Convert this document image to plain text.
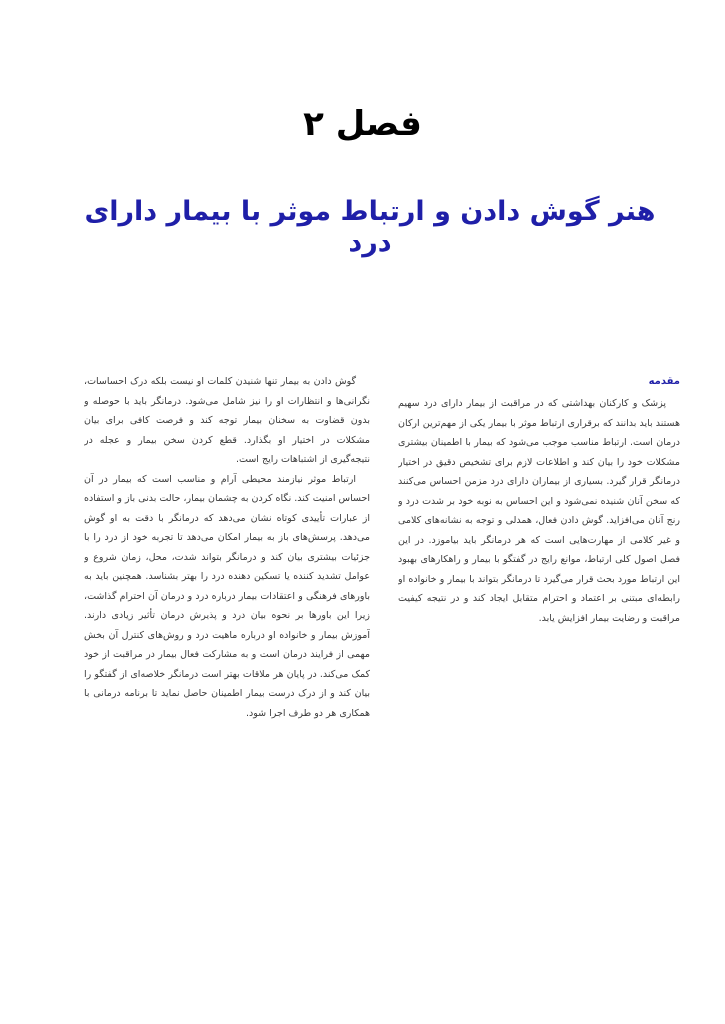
فصل ۲
هنر گوش دادن و ارتباط موثر با بیمار دارای درد
مقدمه

پزشک و کارکنان بهداشتی که در مراقبت از بیمار دارای درد سهیم هستند باید بدانند که برقراری ارتباط موثر با بیمار یکی از مهم‌ترین ارکان درمان است. ارتباط مناسب موجب می‌شود که بیمار با اطمینان بیشتری مشکلات خود را بیان کند و اطلاعات لازم برای تشخیص دقیق در اختیار درمانگر قرار گیرد. بسیاری از بیماران دارای درد مزمن احساس می‌کنند که سخن آنان شنیده نمی‌شود و این احساس به نوبه خود بر شدت درد و رنج آنان می‌افزاید. گوش دادن فعال، همدلی و توجه به نشانه‌های کلامی و غیر کلامی از مهارت‌هایی است که هر درمانگر باید بیاموزد. در این فصل اصول کلی ارتباط، موانع رایج در گفتگو با بیمار و راهکارهای بهبود این ارتباط مورد بحث قرار می‌گیرد تا درمانگر بتواند با بیمار و خانواده او رابطه‌ای مبتنی بر اعتماد و احترام متقابل ایجاد کند و در نتیجه کیفیت مراقبت و رضایت بیمار افزایش یابد.

گوش دادن به بیمار تنها شنیدن کلمات او نیست بلکه درک احساسات، نگرانی‌ها و انتظارات او را نیز شامل می‌شود. درمانگر باید با حوصله و بدون قضاوت به سخنان بیمار توجه کند و فرصت کافی برای بیان مشکلات در اختیار او بگذارد. قطع کردن سخن بیمار و عجله در نتیجه‌گیری از اشتباهات رایج است.

ارتباط موثر نیازمند محیطی آرام و مناسب است که بیمار در آن احساس امنیت کند. نگاه کردن به چشمان بیمار، حالت بدنی باز و استفاده از عبارات تأییدی کوتاه نشان می‌دهد که درمانگر با دقت به او گوش می‌دهد. پرسش‌های باز به بیمار امکان می‌دهد تا تجربه خود از درد را با جزئیات بیشتری بیان کند و درمانگر بتواند شدت، محل، زمان شروع و عوامل تشدید کننده یا تسکین دهنده درد را بهتر بشناسد. همچنین باید به باورهای فرهنگی و اعتقادات بیمار درباره درد و درمان آن احترام گذاشت، زیرا این باورها بر نحوه بیان درد و پذیرش درمان تأثیر زیادی دارند. آموزش بیمار و خانواده او درباره ماهیت درد و روش‌های کنترل آن بخش مهمی از فرایند درمان است و به مشارکت فعال بیمار در مراقبت از خود کمک می‌کند. در پایان هر ملاقات بهتر است درمانگر خلاصه‌ای از گفتگو را بیان کند و از درک درست بیمار اطمینان حاصل نماید تا برنامه درمانی با همکاری هر دو طرف اجرا شود.
